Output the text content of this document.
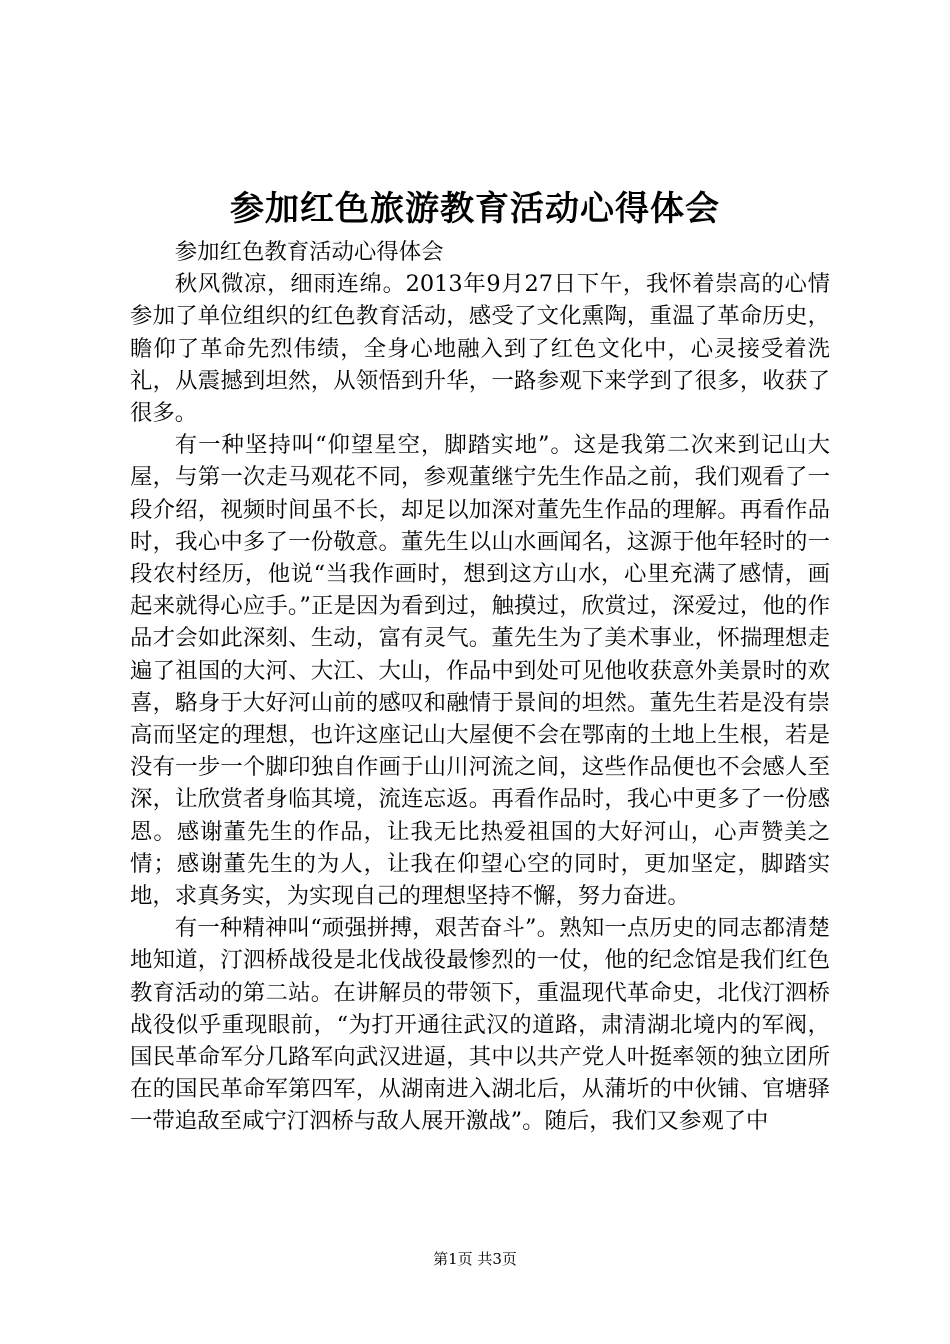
参加红色旅游教育活动心得体会

参加红色教育活动心得体会

秋风微凉，细雨连绵。2013年9月27日下午，我怀着崇高的心情参加了单位组织的红色教育活动，感受了文化熏陶，重温了革命历史，瞻仰了革命先烈伟绩，全身心地融入到了红色文化中，心灵接受着洗礼，从震撼到坦然，从领悟到升华，一路参观下来学到了很多，收获了很多。

有一种坚持叫“仰望星空，脚踏实地”。这是我第二次来到记山大屋，与第一次走马观花不同，参观董继宁先生作品之前，我们观看了一段介绍，视频时间虽不长，却足以加深对董先生作品的理解。再看作品时，我心中多了一份敬意。董先生以山水画闻名，这源于他年轻时的一段农村经历，他说“当我作画时，想到这方山水，心里充满了感情，画起来就得心应手。”正是因为看到过，触摸过，欣赏过，深爱过，他的作品才会如此深刻、生动，富有灵气。董先生为了美术事业，怀揣理想走遍了祖国的大河、大江、大山，作品中到处可见他收获意外美景时的欢喜，駱身于大好河山前的感叹和融情于景间的坦然。董先生若是没有崇高而坚定的理想，也许这座记山大屋便不会在鄂南的土地上生根，若是没有一步一个脚印独自作画于山川河流之间，这些作品便也不会感人至深，让欣赏者身临其境，流连忘返。再看作品时，我心中更多了一份感恩。感谢董先生的作品，让我无比热爱祖国的大好河山，心声赞美之情；感谢董先生的为人，让我在仰望心空的同时，更加坚定，脚踏实地，求真务实，为实现自己的理想坚持不懈，努力奋进。

有一种精神叫“顽强拼搏，艰苦奋斗”。熟知一点历史的同志都清楚地知道，汀泗桥战役是北伐战役最惨烈的一仗，他的纪念馆是我们红色教育活动的第二站。在讲解员的带领下，重温现代革命史，北伐汀泗桥战役似乎重现眼前，“为打开通往武汉的道路，肃清湖北境内的军阀，国民革命军分几路军向武汉进逼，其中以共产党人叶挺率领的独立团所在的国民革命军第四军，从湖南进入湖北后，从蒲圻的中伙铺、官塘驿一带追敌至咸宁汀泗桥与敌人展开激战”。随后，我们又参观了中

第1页 共3页
